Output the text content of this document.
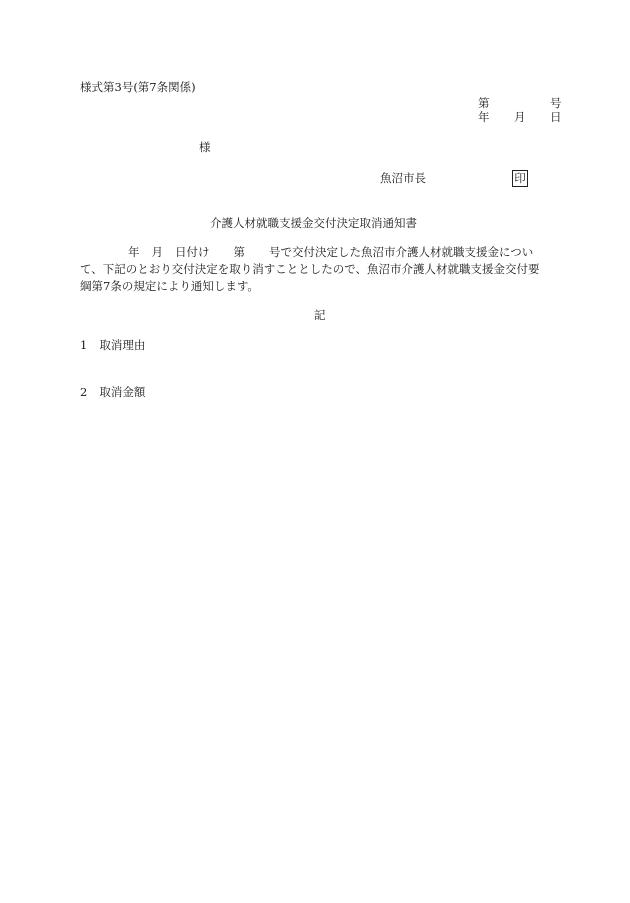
様式第3号(第7条関係)
第	号
年 月 日
様
魚沼市長	印
介護人材就職支援金交付決定取消通知書
年 月 日付け 第 号で交付決定した魚沼市介護人材就職支援金につい
て、下記のとおり交付決定を取り消すこととしたので、魚沼市介護人材就職支援金交付要
綱第7条の規定により通知します。
記
1 取消理由
2 取消金額
